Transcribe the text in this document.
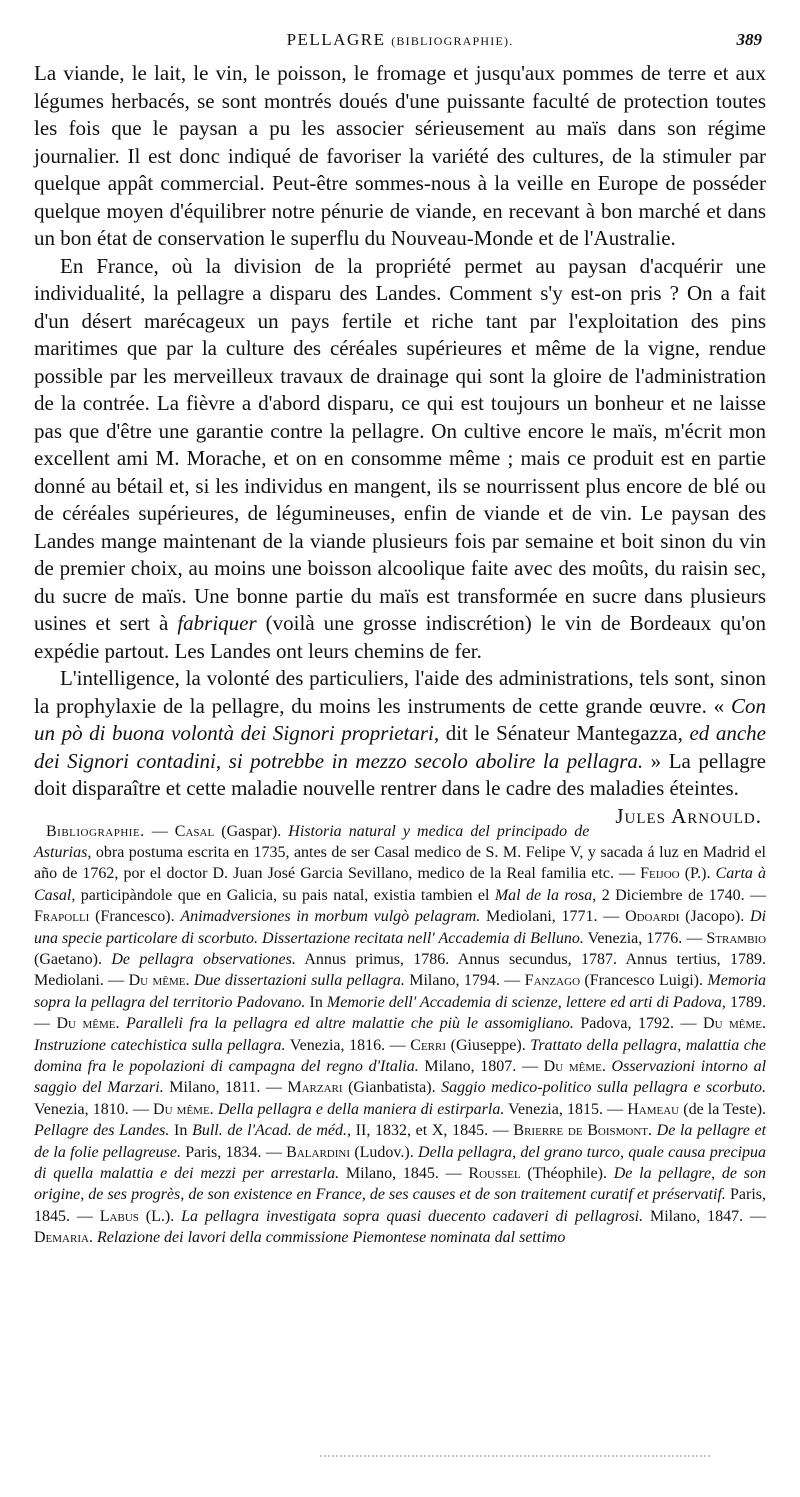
PELLAGRE (BIBLIOGRAPHIE).	389

La viande, le lait, le vin, le poisson, le fromage et jusqu'aux pommes de terre et aux légumes herbacés, se sont montrés doués d'une puissante faculté de protection toutes les fois que le paysan a pu les associer sérieusement au maïs dans son régime journalier. Il est donc indiqué de favoriser la variété des cultures, de la stimuler par quelque appât commercial. Peut-être sommes-nous à la veille en Europe de posséder quelque moyen d'équilibrer notre pénurie de viande, en recevant à bon marché et dans un bon état de conservation le superflu du Nouveau-Monde et de l'Australie.

En France, où la division de la propriété permet au paysan d'acquérir une individualité, la pellagre a disparu des Landes. Comment s'y est-on pris ? On a fait d'un désert marécageux un pays fertile et riche tant par l'exploitation des pins maritimes que par la culture des céréales supérieures et même de la vigne, rendue possible par les merveilleux travaux de drainage qui sont la gloire de l'administration de la contrée. La fièvre a d'abord disparu, ce qui est toujours un bonheur et ne laisse pas que d'être une garantie contre la pellagre. On cultive encore le maïs, m'écrit mon excellent ami M. Morache, et on en consomme même ; mais ce produit est en partie donné au bétail et, si les individus en mangent, ils se nourrissent plus encore de blé ou de céréales supérieures, de légumineuses, enfin de viande et de vin. Le paysan des Landes mange maintenant de la viande plusieurs fois par semaine et boit sinon du vin de premier choix, au moins une boisson alcoolique faite avec des moûts, du raisin sec, du sucre de maïs. Une bonne partie du maïs est transformée en sucre dans plusieurs usines et sert à fabriquer (voilà une grosse indiscrétion) le vin de Bordeaux qu'on expédie partout. Les Landes ont leurs chemins de fer.

L'intelligence, la volonté des particuliers, l'aide des administrations, tels sont, sinon la prophylaxie de la pellagre, du moins les instruments de cette grande œuvre. « Con un pò di buona volontà dei Signori proprietari, dit le Sénateur Mantegazza, ed anche dei Signori contadini, si potrebbe in mezzo secolo abolire la pellagra. » La pellagre doit disparaître et cette maladie nouvelle rentrer dans le cadre des maladies éteintes.
Jules Arnould.

Bibliographie. — Casal (Gaspar). Historia natural y medica del principado de Asturias, obra postuma escrita en 1735, antes de ser Casal medico de S. M. Felipe V, y sacada á luz en Madrid el año de 1762, por el doctor D. Juan José Garcia Sevillano, medico de la Real familia etc. — Feijoo (P.). Carta à Casal, participàndole que en Galicia, su pais natal, existia tambien el Mal de la rosa, 2 Diciembre de 1740. — Frapolli (Francesco). Animadversiones in morbum vulgò pelagram. Mediolani, 1771. — Odoardi (Jacopo). Di una specie particolare di scorbuto. Dissertazione recitata nell' Accademia di Belluno. Venezia, 1776. — Strambio (Gaetano). De pellagra observationes. Annus primus, 1786. Annus secundus, 1787. Annus tertius, 1789. Mediolani. — Du même. Due dissertazioni sulla pellagra. Milano, 1794. — Fanzago (Francesco Luigi). Memoria sopra la pellagra del territorio Padovano. In Memorie dell' Accademia di scienze, lettere ed arti di Padova, 1789. — Du même. Paralleli fra la pellagra ed altre malattie che più le assomigliano. Padova, 1792. — Du même. Instruzione catechistica sulla pellagra. Venezia, 1816. — Cerri (Giuseppe). Trattato della pellagra, malattia che domina fra le popolazioni di campagna del regno d'Italia. Milano, 1807. — Du même. Osservazioni intorno al saggio del Marzari. Milano, 1811. — Marzari (Gianbatista). Saggio medico-politico sulla pellagra e scorbuto. Venezia, 1810. — Du même. Della pellagra e della maniera di estirparla. Venezia, 1815. — Hameau (de la Teste). Pellagre des Landes. In Bull. de l'Acad. de méd., II, 1832, et X, 1845. — Brierre de Boismont. De la pellagre et de la folie pellagreuse. Paris, 1834. — Balardini (Ludov.). Della pellagra, del grano turco, quale causa precipua di quella malattia e dei mezzi per arrestarla. Milano, 1845. — Roussel (Théophile). De la pellagre, de son origine, de ses progrès, de son existence en France, de ses causes et de son traitement curatif et préservatif. Paris, 1845. — Labus (L.). La pellagra investigata sopra quasi duecento cadaveri di pellagrosi. Milano, 1847. — Demaria. Relazione dei lavori della commissione Piemontese nominata dal settimo
